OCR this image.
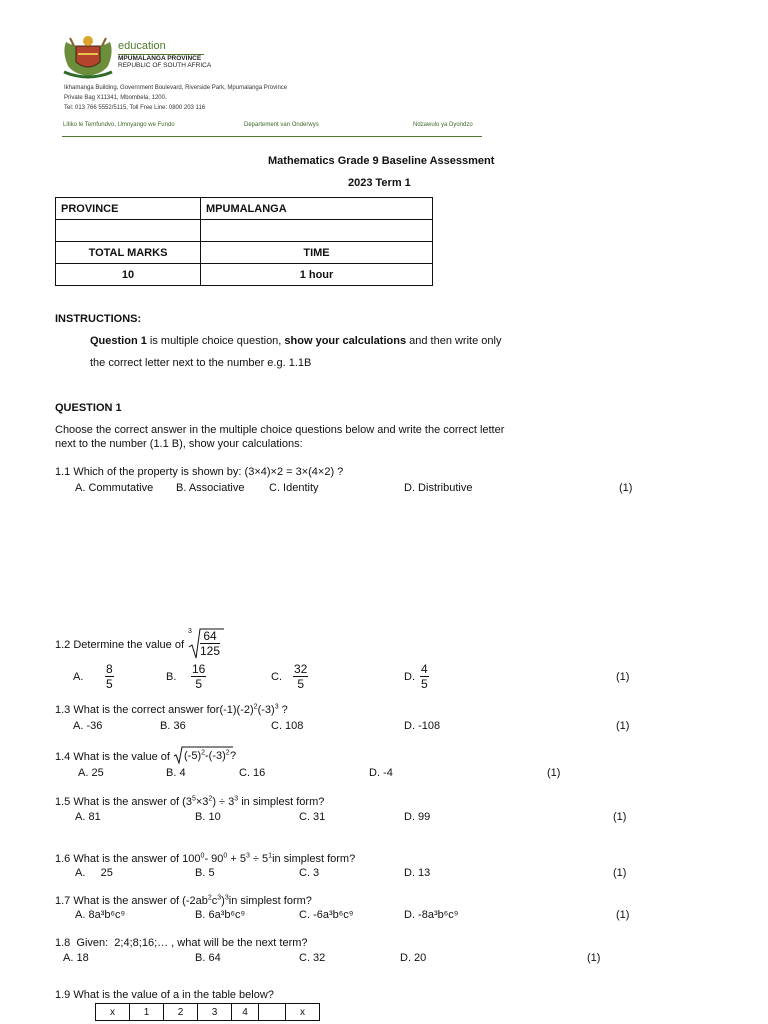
education
MPUMALANGA PROVINCE
REPUBLIC OF SOUTH AFRICA
Ikhamanga Building, Government Boulevard, Riverside Park, Mpumalanga Province
Private Bag X11341, Mbombela, 1200.
Tel: 013 766 5552/5115, Toll Free Line: 0800 203 116
Litiko le Temfundvo, Umnyango we Fundo	Departement van Onderwys	Ndzawulo ya Dyondzo
Mathematics Grade 9 Baseline Assessment
2023 Term 1
PROVINCE	MPUMALANGA

TOTAL MARKS	TIME
10	1 hour
INSTRUCTIONS:
Question 1 is multiple choice question, show your calculations and then write only
the correct letter next to the number e.g. 1.1B
QUESTION 1
Choose the correct answer in the multiple choice questions below and write the correct letter
next to the number (1.1 B), show your calculations:
1.1 Which of the property is shown by: (3×4)×2 = 3×(4×2) ?
A. Commutative B. Associative C. Identity	D. Distributive	(1)
1.2 Determine the value of
$3 \frac{64}{125}$
A. $\frac{8}{5}$	B. $\frac{16}{5}$	C. $\frac{32}{5}$	D. $\frac{4}{5}$	(1)
1.3 What is the correct answer $for(-1)(-2)^2(-3)^3$ ?
A. -36	B. 36	C. 108	D. -108	(1)
1.4 What is the value of $(-5)^2-(-3)^2$ ?
A. 25	B. 4	C. 16	D. -4	(1)
1.5 What is the answer of $(3^5\times 3^2) \div 3^3$ in simplest form?
A. 81	B. 10	C. 31	D. 99	(1)
1.6 What is the answer of $100^0-$ $90^0 + 5^3 \div 5^1in$ simplest form?
A.     25	B. 5	C. 3	D. 13	(1)
1.7 What is the answer of $(-2ab^2c^3)^3in$ simplest form?
A. 8a³b⁶c⁹	B. 6a³b⁶c⁹	C. -6a³b⁶c⁹	D. -8a³b⁶c⁹	(1)
1.8  Given:  2;4;8;16;… , what will be the next term?
A. 18	B. 64	C. 32	D. 20	(1)
1.9 What is the value of a in the table below?
x	1	2	3	4		x
